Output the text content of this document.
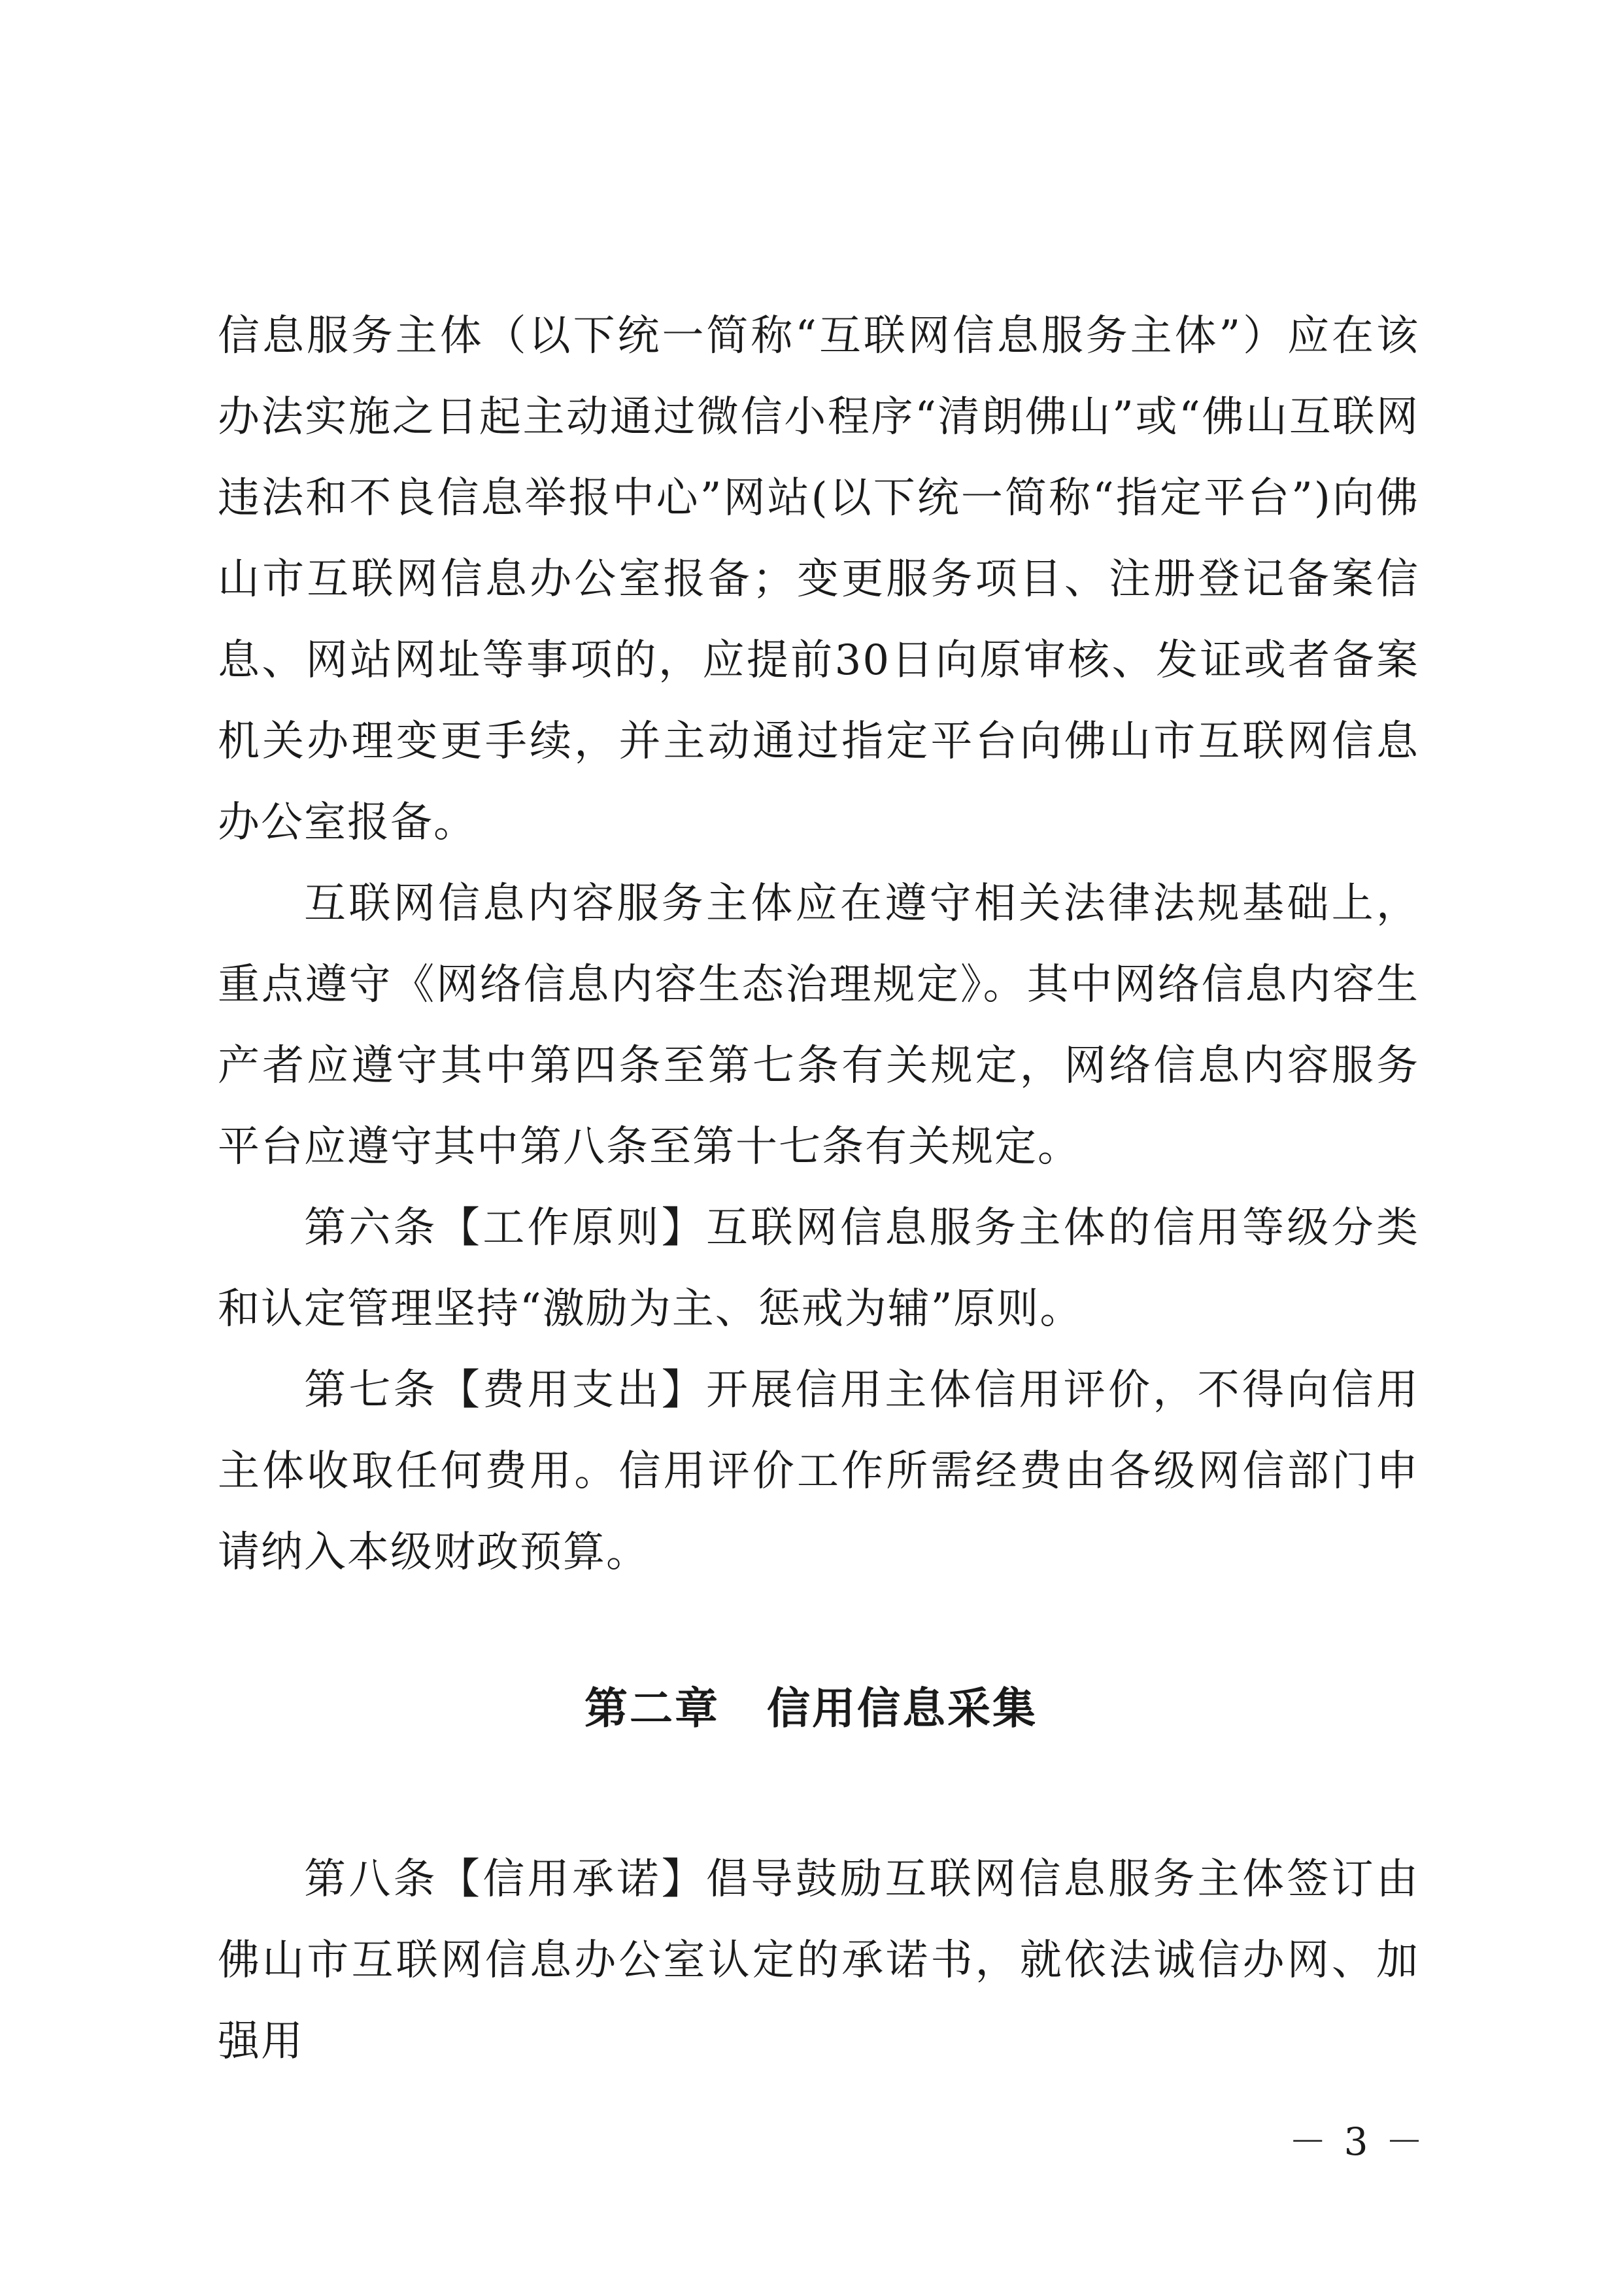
信息服务主体（以下统一简称“互联网信息服务主体”）应在该办法实施之日起主动通过微信小程序“清朗佛山”或“佛山互联网违法和不良信息举报中心”网站(以下统一简称“指定平台”)向佛山市互联网信息办公室报备；变更服务项目、注册登记备案信息、网站网址等事项的，应提前30日向原审核、发证或者备案机关办理变更手续，并主动通过指定平台向佛山市互联网信息办公室报备。

互联网信息内容服务主体应在遵守相关法律法规基础上，重点遵守《网络信息内容生态治理规定》。其中网络信息内容生产者应遵守其中第四条至第七条有关规定，网络信息内容服务平台应遵守其中第八条至第十七条有关规定。

第六条【工作原则】互联网信息服务主体的信用等级分类和认定管理坚持“激励为主、惩戒为辅”原则。

第七条【费用支出】开展信用主体信用评价，不得向信用主体收取任何费用。信用评价工作所需经费由各级网信部门申请纳入本级财政预算。

第二章 信用信息采集

第八条【信用承诺】倡导鼓励互联网信息服务主体签订由佛山市互联网信息办公室认定的承诺书，就依法诚信办网、加强用

－ 3 －
